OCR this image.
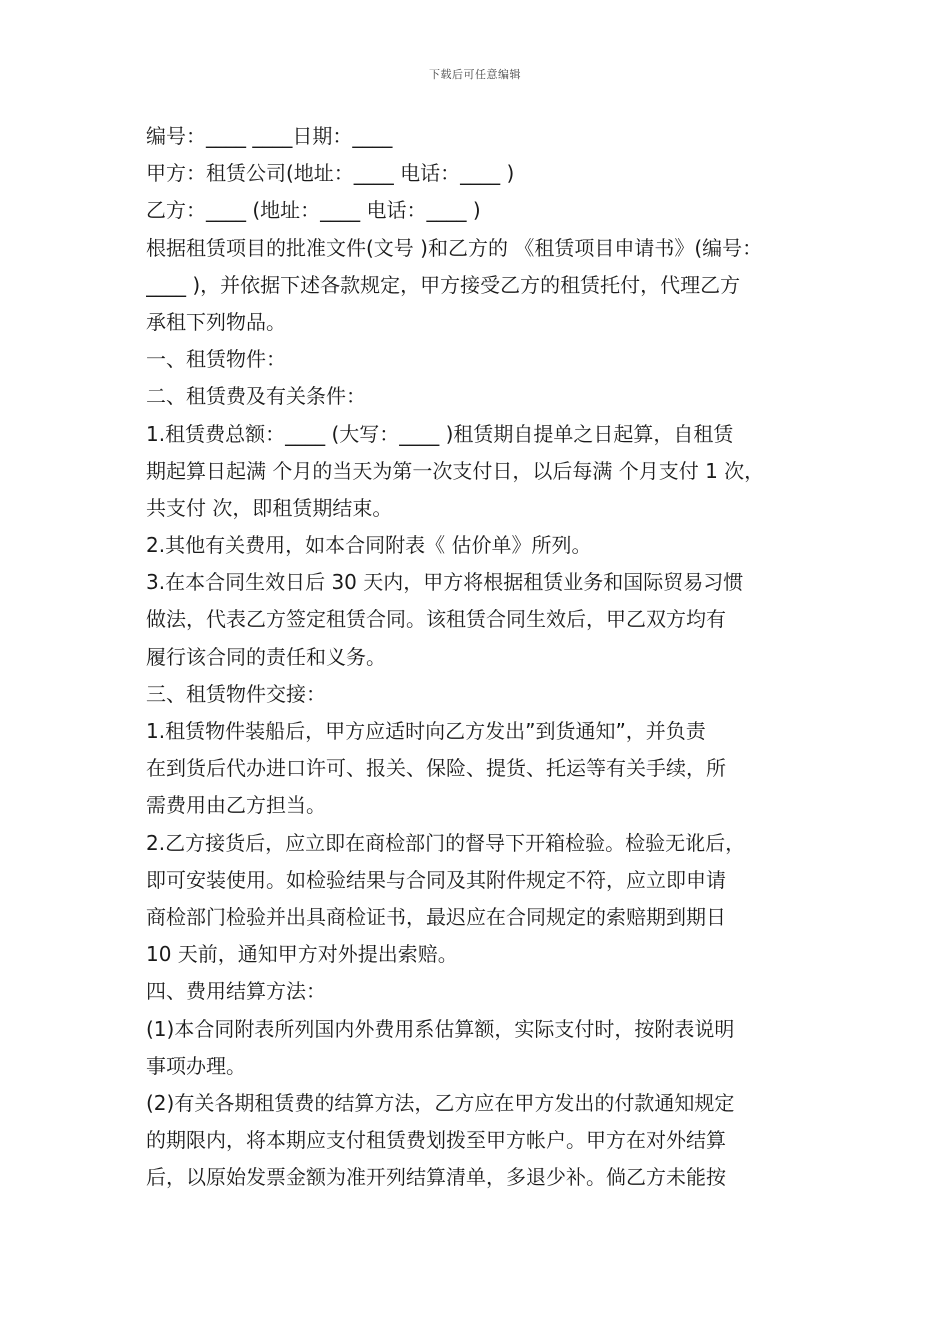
下载后可任意编辑
编号：____ ____日期：____
甲方：租赁公司(地址：____ 电话：____ )
乙方：____ (地址：____ 电话：____ )
根据租赁项目的批准文件(文号 )和乙方的 《租赁项目申请书》(编号：
____ )，并依据下述各款规定，甲方接受乙方的租赁托付，代理乙方
承租下列物品。
一、租赁物件：
二、租赁费及有关条件：
1.租赁费总额：____ (大写：____ )租赁期自提单之日起算，自租赁
期起算日起满 个月的当天为第一次支付日，以后每满 个月支付 1 次，
共支付 次，即租赁期结束。
2.其他有关费用，如本合同附表《 估价单》所列。
3.在本合同生效日后 30 天内，甲方将根据租赁业务和国际贸易习惯
做法，代表乙方签定租赁合同。该租赁合同生效后，甲乙双方均有
履行该合同的责任和义务。
三、租赁物件交接：
1.租赁物件装船后，甲方应适时向乙方发出”到货通知”，并负责
在到货后代办进口许可、报关、保险、提货、托运等有关手续，所
需费用由乙方担当。
2.乙方接货后，应立即在商检部门的督导下开箱检验。检验无讹后，
即可安装使用。如检验结果与合同及其附件规定不符，应立即申请
商检部门检验并出具商检证书，最迟应在合同规定的索赔期到期日
10 天前，通知甲方对外提出索赔。
四、费用结算方法：
(1)本合同附表所列国内外费用系估算额，实际支付时，按附表说明
事项办理。
(2)有关各期租赁费的结算方法，乙方应在甲方发出的付款通知规定
的期限内，将本期应支付租赁费划拨至甲方帐户。甲方在对外结算
后，以原始发票金额为准开列结算清单，多退少补。倘乙方未能按
